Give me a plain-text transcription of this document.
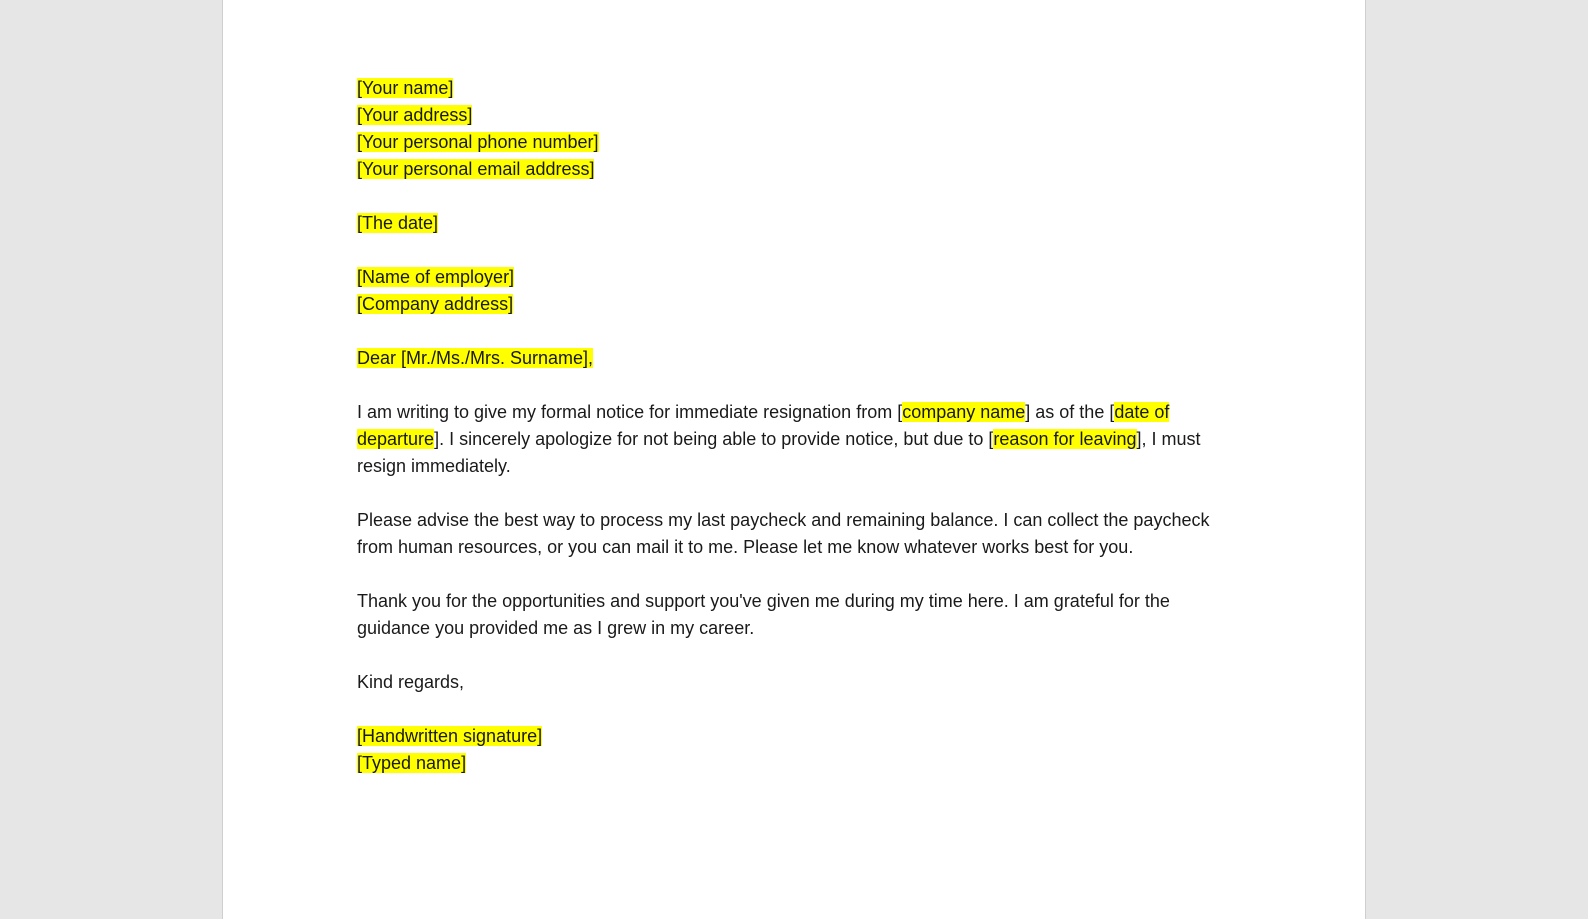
[Your name]
[Your address]
[Your personal phone number]
[Your personal email address]
[The date]
[Name of employer]
[Company address]
Dear [Mr./Ms./Mrs. Surname],

I am writing to give my formal notice for immediate resignation from [company name] as of the [date of departure]. I sincerely apologize for not being able to provide notice, but due to [reason for leaving], I must resign immediately.

Please advise the best way to process my last paycheck and remaining balance. I can collect the paycheck from human resources, or you can mail it to me. Please let me know whatever works best for you.

Thank you for the opportunities and support you've given me during my time here. I am grateful for the guidance you provided me as I grew in my career.

Kind regards,
[Handwritten signature]
[Typed name]
